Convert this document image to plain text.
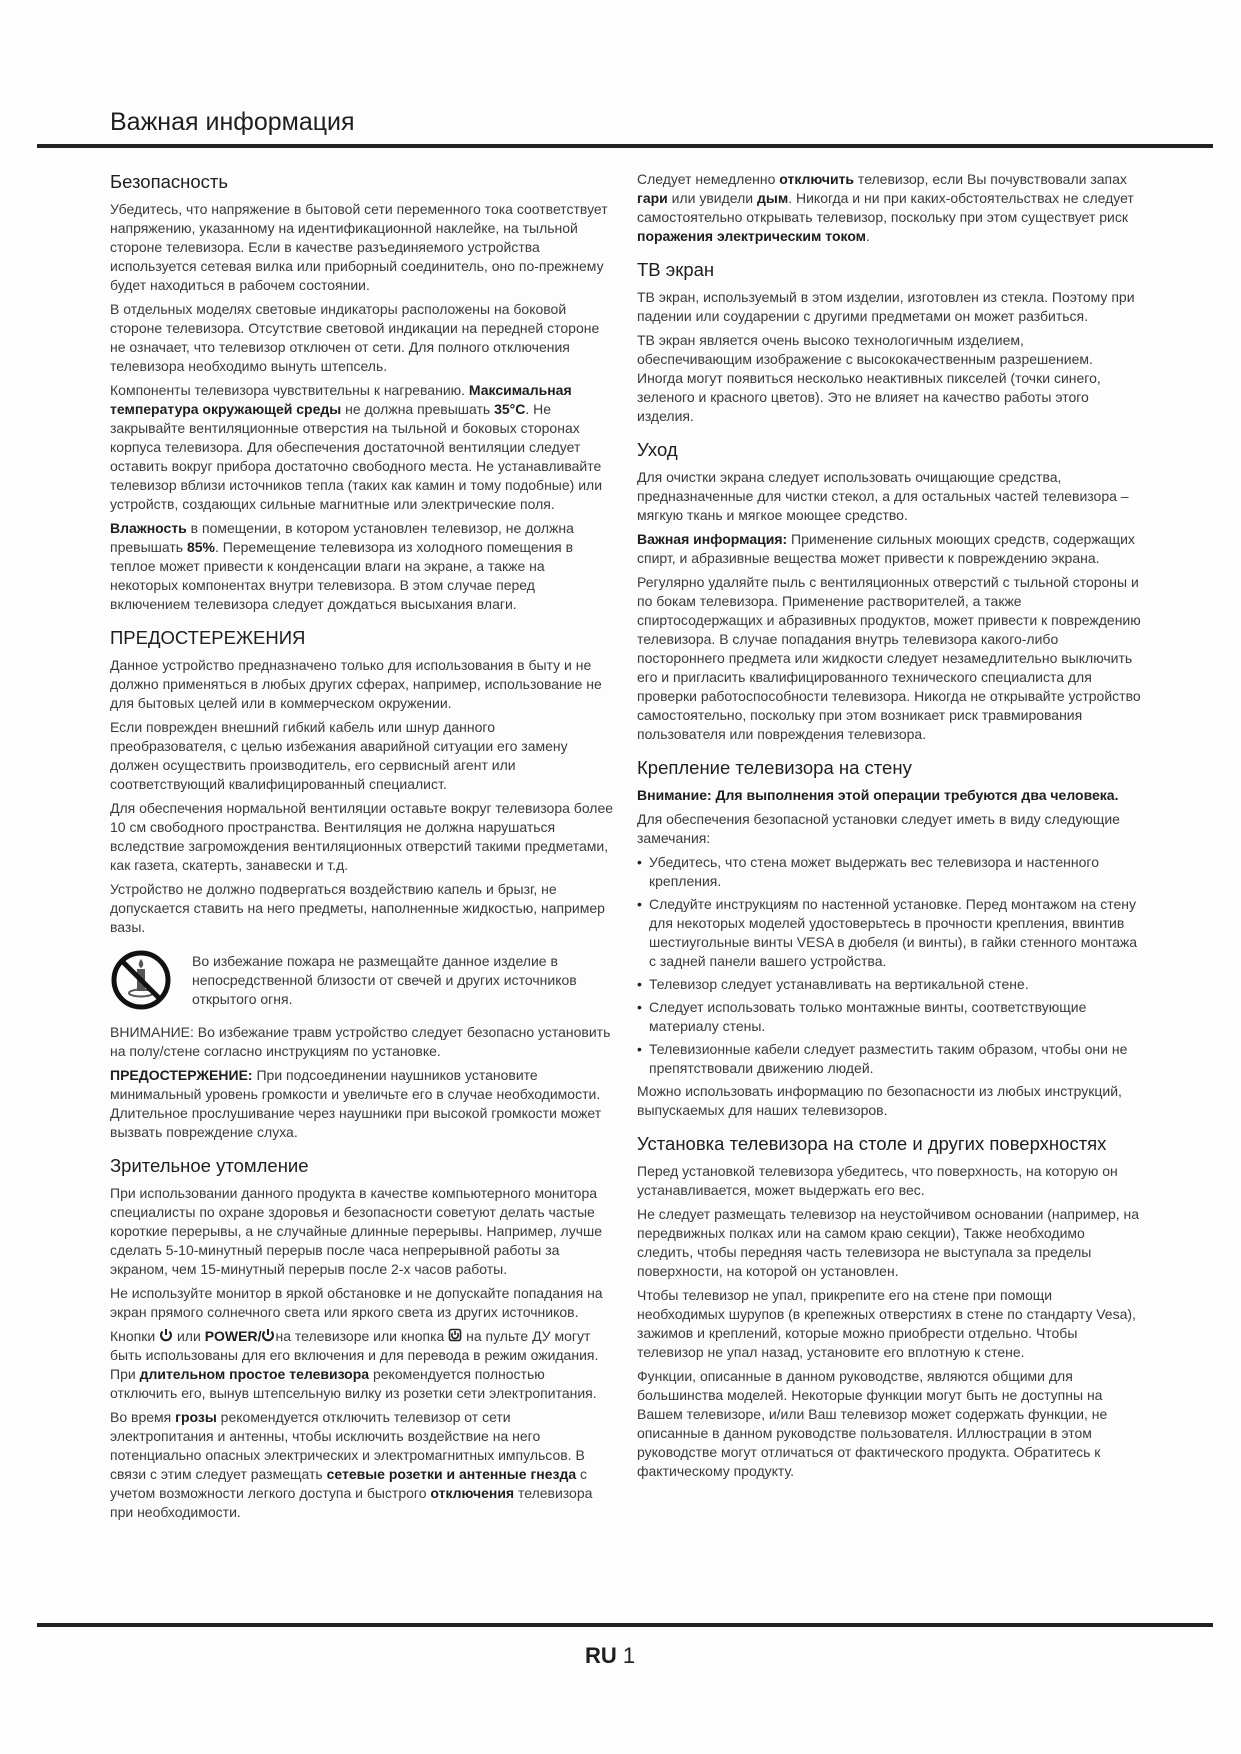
Важная информация
Безопасность

Убедитесь, что напряжение в бытовой сети переменного тока соответствует напряжению, указанному на идентификационной наклейке, на тыльной стороне телевизора. Если в качестве разъединяемого устройства используется сетевая вилка или приборный соединитель, оно по-прежнему будет находиться в рабочем состоянии.

В отдельных моделях световые индикаторы расположены на боковой стороне телевизора. Отсутствие световой индикации на передней стороне не означает, что телевизор отключен от сети. Для полного отключения телевизора необходимо вынуть штепсель.

Компоненты телевизора чувствительны к нагреванию. Максимальная температура окружающей среды не должна превышать 35°C. Не закрывайте вентиляционные отверстия на тыльной и боковых сторонах корпуса телевизора. Для обеспечения достаточной вентиляции следует оставить вокруг прибора достаточно свободного места. Не устанавливайте телевизор вблизи источников тепла (таких как камин и тому подобные) или устройств, создающих сильные магнитные или электрические поля.

Влажность в помещении, в котором установлен телевизор, не должна превышать 85%. Перемещение телевизора из холодного помещения в теплое может привести к конденсации влаги на экране, а также на некоторых компонентах внутри телевизора. В этом случае перед включением телевизора следует дождаться высыхания влаги.

ПРЕДОСТЕРЕЖЕНИЯ

Данное устройство предназначено только для использования в быту и не должно применяться в любых других сферах, например, использование не для бытовых целей или в коммерческом окружении.

Если поврежден внешний гибкий кабель или шнур данного преобразователя, с целью избежания аварийной ситуации его замену должен осуществить производитель, его сервисный агент или соответствующий квалифицированный специалист.

Для обеспечения нормальной вентиляции оставьте вокруг телевизора более 10 см свободного пространства. Вентиляция не должна нарушаться вследствие загромождения вентиляционных отверстий такими предметами, как газета, скатерть, занавески и т.д.

Устройство не должно подвергаться воздействию капель и брызг, не допускается ставить на него предметы, наполненные жидкостью, например вазы.

Во избежание пожара не размещайте данное изделие в непосредственной близости от свечей и других источников открытого огня.

ВНИМАНИЕ: Во избежание травм устройство следует безопасно установить на полу/стене согласно инструкциям по установке.

ПРЕДОСТЕРЖЕНИЕ: При подсоединении наушников установите минимальный уровень громкости и увеличьте его в случае необходимости. Длительное прослушивание через наушники при высокой громкости может вызвать повреждение слуха.

Зрительное утомление

При использовании данного продукта в качестве компьютерного монитора специалисты по охране здоровья и безопасности советуют делать частые короткие перерывы, а не случайные длинные перерывы. Например, лучше сделать 5-10-минутный перерыв после часа непрерывной работы за экраном, чем 15-минутный перерыв после 2-х часов работы.

Не используйте монитор в яркой обстановке и не допускайте попадания на экран прямого солнечного света или яркого света из других источников.

Кнопки  или POWER/ на телевизоре или кнопка  на пульте ДУ могут быть использованы для его включения и для перевода в режим ожидания. При длительном простое телевизора рекомендуется полностью отключить его, вынув штепсельную вилку из розетки сети электропитания.

Во время грозы рекомендуется отключить телевизор от сети электропитания и антенны, чтобы исключить воздействие на него потенциально опасных электрических и электромагнитных импульсов. В связи с этим следует размещать сетевые розетки и антенные гнезда с учетом возможности легкого доступа и быстрого отключения телевизора при необходимости.

Следует немедленно отключить телевизор, если Вы почувствовали запах гари или увидели дым. Никогда и ни при каких-обстоятельствах не следует самостоятельно открывать телевизор, поскольку при этом существует риск поражения электрическим током.

ТВ экран

ТВ экран, используемый в этом изделии, изготовлен из стекла. Поэтому при падении или соударении с другими предметами он может разбиться.

ТВ экран является очень высоко технологичным изделием, обеспечивающим изображение с высококачественным разрешением. Иногда могут появиться несколько неактивных пикселей (точки синего, зеленого и красного цветов). Это не влияет на качество работы этого изделия.

Уход

Для очистки экрана следует использовать очищающие средства, предназначенные для чистки стекол, а для остальных частей телевизора – мягкую ткань и мягкое моющее средство.

Важная информация: Применение сильных моющих средств, содержащих спирт, и абразивные вещества может привести к повреждению экрана.

Регулярно удаляйте пыль с вентиляционных отверстий с тыльной стороны и по бокам телевизора. Применение растворителей, а также спиртосодержащих и абразивных продуктов, может привести к повреждению телевизора. В случае попадания внутрь телевизора какого-либо постороннего предмета или жидкости следует незамедлительно выключить его и пригласить квалифицированного технического специалиста для проверки работоспособности телевизора. Никогда не открывайте устройство самостоятельно, поскольку при этом возникает риск травмирования пользователя или повреждения телевизора.

Крепление телевизора на стену

Внимание: Для выполнения этой операции требуются два человека.

Для обеспечения безопасной установки следует иметь в виду следующие замечания:

• Убедитесь, что стена может выдержать вес телевизора и настенного крепления.
• Следуйте инструкциям по настенной установке. Перед монтажом на стену для некоторых моделей удостоверьтесь в прочности крепления, ввинтив шестиугольные винты VESA в дюбеля (и винты), в гайки стенного монтажа с задней панели вашего устройства.
• Телевизор следует устанавливать на вертикальной стене.
• Следует использовать только монтажные винты, соответствующие материалу стены.
• Телевизионные кабели следует разместить таким образом, чтобы они не препятствовали движению людей.

Можно использовать информацию по безопасности из любых инструкций, выпускаемых для наших телевизоров.

Установка телевизора на столе и других поверхностях

Перед установкой телевизора убедитесь, что поверхность, на которую он устанавливается, может выдержать его вес.

Не следует размещать телевизор на неустойчивом основании (например, на передвижных полках или на самом краю секции), Также необходимо следить, чтобы передняя часть телевизора не выступала за пределы поверхности, на которой он установлен.

Чтобы телевизор не упал, прикрепите его на стене при помощи необходимых шурупов (в крепежных отверстиях в стене по стандарту Vesa), зажимов и креплений, которые можно приобрести отдельно. Чтобы телевизор не упал назад, установите его вплотную к стене.

Функции, описанные в данном руководстве, являются общими для большинства моделей. Некоторые функции могут быть не доступны на Вашем телевизоре, и/или Ваш телевизор может содержать функции, не описанные в данном руководстве пользователя. Иллюстрации в этом руководстве могут отличаться от фактического продукта. Обратитесь к фактическому продукту.

RU 1
